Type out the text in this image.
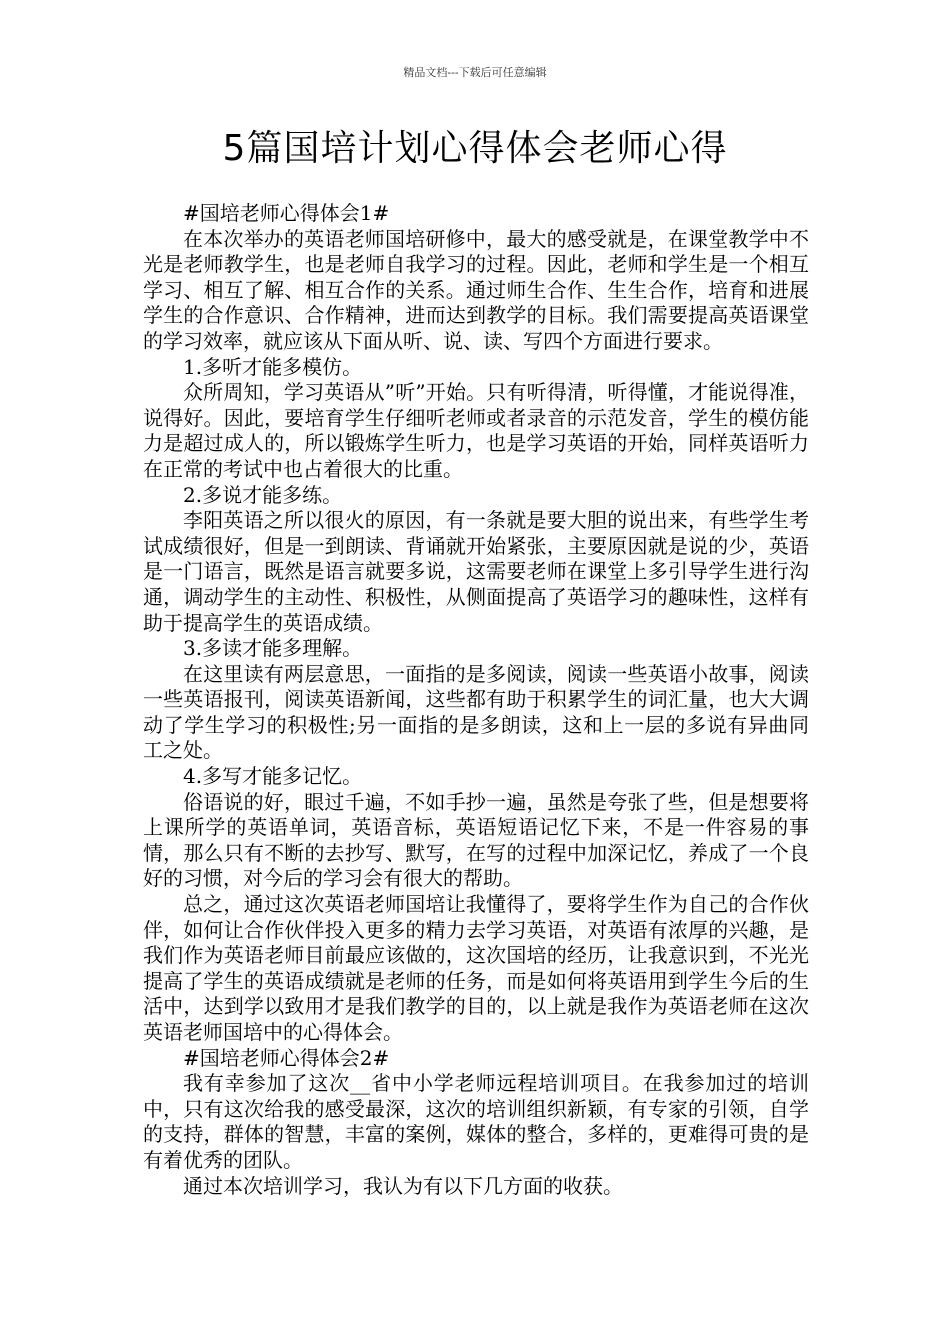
精品文档---下载后可任意编辑
5篇国培计划心得体会老师心得

#国培老师心得体会1#

在本次举办的英语老师国培研修中，最大的感受就是，在课堂教学中不光是老师教学生，也是老师自我学习的过程。因此，老师和学生是一个相互学习、相互了解、相互合作的关系。通过师生合作、生生合作，培育和进展学生的合作意识、合作精神，进而达到教学的目标。我们需要提高英语课堂的学习效率，就应该从下面从听、说、读、写四个方面进行要求。

1.多听才能多模仿。

众所周知，学习英语从”听”开始。只有听得清，听得懂，才能说得准，说得好。因此，要培育学生仔细听老师或者录音的示范发音，学生的模仿能力是超过成人的，所以锻炼学生听力，也是学习英语的开始，同样英语听力在正常的考试中也占着很大的比重。

2.多说才能多练。

李阳英语之所以很火的原因，有一条就是要大胆的说出来，有些学生考试成绩很好，但是一到朗读、背诵就开始紧张，主要原因就是说的少，英语是一门语言，既然是语言就要多说，这需要老师在课堂上多引导学生进行沟通，调动学生的主动性、积极性，从侧面提高了英语学习的趣味性，这样有助于提高学生的英语成绩。

3.多读才能多理解。

在这里读有两层意思，一面指的是多阅读，阅读一些英语小故事，阅读一些英语报刊，阅读英语新闻，这些都有助于积累学生的词汇量，也大大调动了学生学习的积极性;另一面指的是多朗读，这和上一层的多说有异曲同工之处。

4.多写才能多记忆。

俗语说的好，眼过千遍，不如手抄一遍，虽然是夸张了些，但是想要将上课所学的英语单词，英语音标，英语短语记忆下来，不是一件容易的事情，那么只有不断的去抄写、默写，在写的过程中加深记忆，养成了一个良好的习惯，对今后的学习会有很大的帮助。

总之，通过这次英语老师国培让我懂得了，要将学生作为自己的合作伙伴，如何让合作伙伴投入更多的精力去学习英语，对英语有浓厚的兴趣，是我们作为英语老师目前最应该做的，这次国培的经历，让我意识到，不光光提高了学生的英语成绩就是老师的任务，而是如何将英语用到学生今后的生活中，达到学以致用才是我们教学的目的，以上就是我作为英语老师在这次英语老师国培中的心得体会。

#国培老师心得体会2#

我有幸参加了这次__省中小学老师远程培训项目。在我参加过的培训中，只有这次给我的感受最深，这次的培训组织新颖，有专家的引领，自学的支持，群体的智慧，丰富的案例，媒体的整合，多样的，更难得可贵的是有着优秀的团队。

通过本次培训学习，我认为有以下几方面的收获。
